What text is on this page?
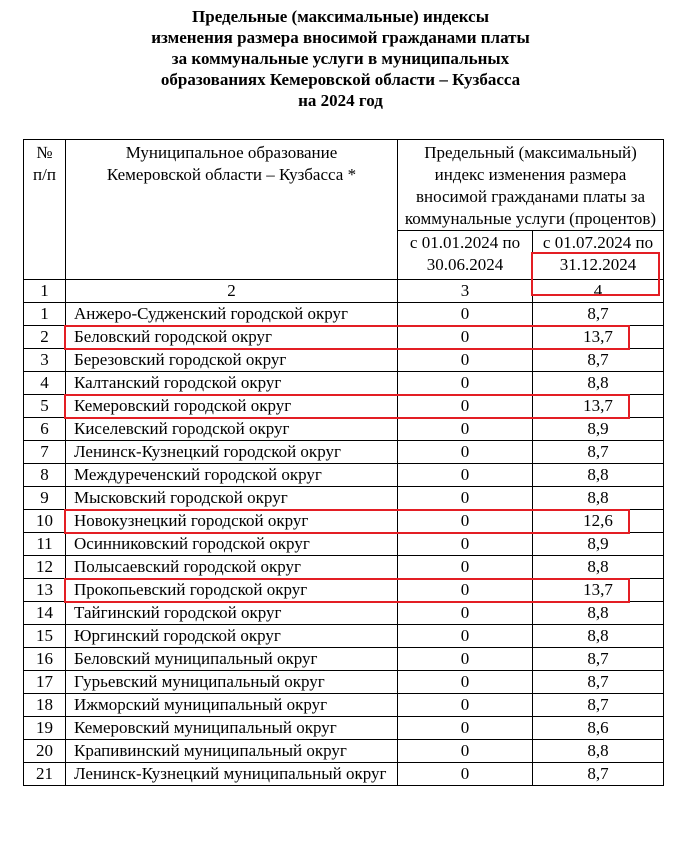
Предельные (максимальные) индексы
изменения размера вносимой гражданами платы
за коммунальные услуги в муниципальных
образованиях Кемеровской области – Кузбасса
на 2024 год
№
п/п	Муниципальное образование Кемеровской области – Кузбасса *	Предельный (максимальный) индекс изменения размера вносимой гражданами платы за коммунальные услуги (процентов)	
		с 01.01.2024 по 30.06.2024	с 01.07.2024 по 31.12.2024
1	2	3	4
1	Анжеро-Судженский городской округ	0	8,7
2	Беловский городской округ	0	13,7
3	Березовский городской округ	0	8,7
4	Калтанский городской округ	0	8,8
5	Кемеровский городской округ	0	13,7
6	Киселевский городской округ	0	8,9
7	Ленинск-Кузнецкий городской округ	0	8,7
8	Междуреченский городской округ	0	8,8
9	Мысковский городской округ	0	8,8
10	Новокузнецкий городской округ	0	12,6
11	Осинниковский городской округ	0	8,9
12	Полысаевский городской округ	0	8,8
13	Прокопьевский городской округ	0	13,7
14	Тайгинский городской округ	0	8,8
15	Юргинский городской округ	0	8,8
16	Беловский муниципальный округ	0	8,7
17	Гурьевский муниципальный округ	0	8,7
18	Ижморский муниципальный округ	0	8,7
19	Кемеровский муниципальный округ	0	8,6
20	Крапивинский муниципальный округ	0	8,8
21	Ленинск-Кузнецкий муниципальный округ	0	8,7
